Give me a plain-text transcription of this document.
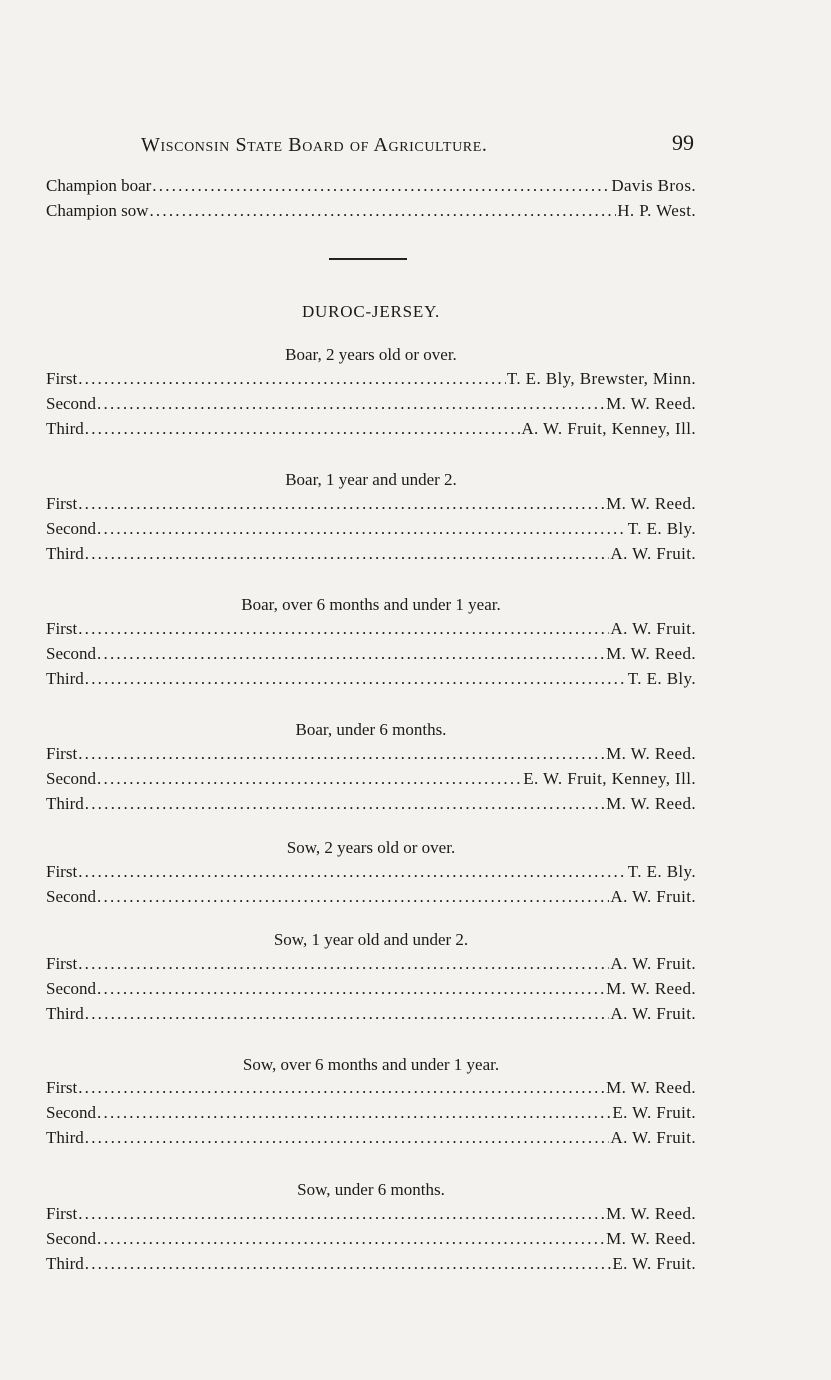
Wisconsin State Board of Agriculture.	99
Champion boar .....	Davis Bros.
Champion sow .....	H. P. West.
DUROC-JERSEY.
Boar, 2 years old or over.
First .....	T. E. Bly, Brewster, Minn.
Second .....	M. W. Reed.
Third .....	A. W. Fruit, Kenney, Ill.
Boar, 1 year and under 2.
First .....	M. W. Reed.
Second .....	T. E. Bly.
Third .....	A. W. Fruit.
Boar, over 6 months and under 1 year.
First .....	A. W. Fruit.
Second .....	M. W. Reed.
Third .....	T. E. Bly.
Boar, under 6 months.
First .....	M. W. Reed.
Second .....	E. W. Fruit, Kenney, Ill.
Third .....	M. W. Reed.
Sow, 2 years old or over.
First .....	T. E. Bly.
Second .....	A. W. Fruit.
Sow, 1 year old and under 2.
First .....	A. W. Fruit.
Second .....	M. W. Reed.
Third .....	A. W. Fruit.
Sow, over 6 months and under 1 year.
First .....	M. W. Reed.
Second .....	E. W. Fruit.
Third .....	A. W. Fruit.
Sow, under 6 months.
First .....	M. W. Reed.
Second .....	M. W. Reed.
Third .....	E. W. Fruit.
